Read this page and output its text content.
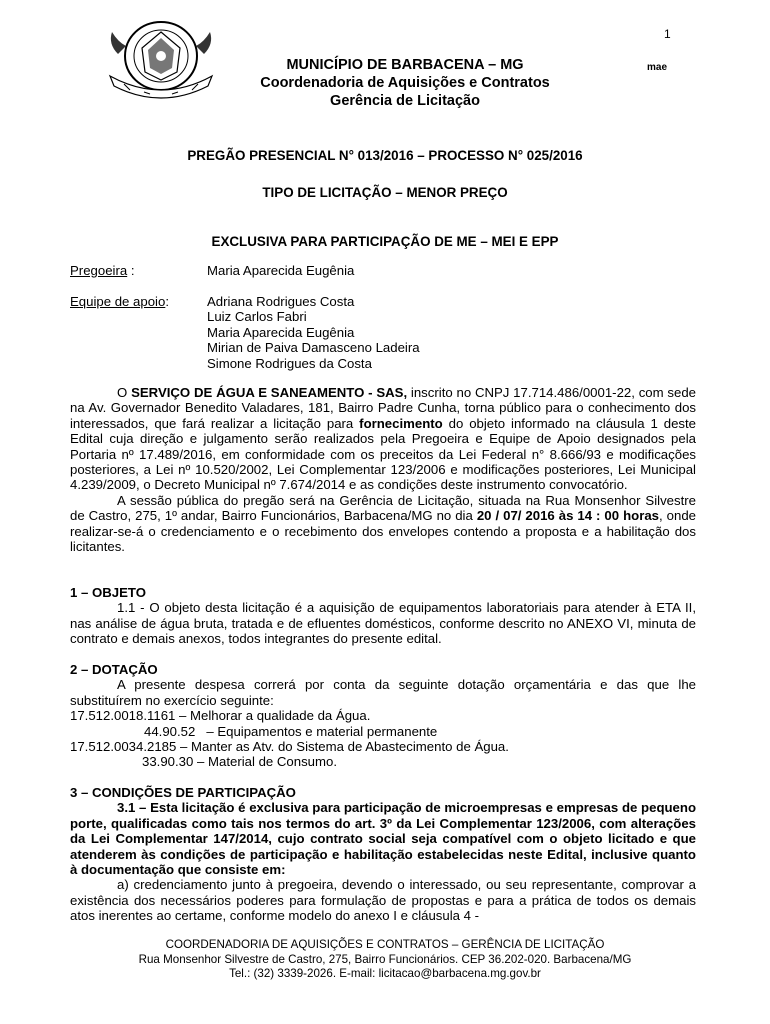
1
MUNICÍPIO DE BARBACENA – MG
Coordenadoria de Aquisições e Contratos
Gerência de Licitação
mae
PREGÃO PRESENCIAL N° 013/2016 – PROCESSO N° 025/2016
TIPO DE LICITAÇÃO – MENOR PREÇO
EXCLUSIVA PARA PARTICIPAÇÃO DE ME – MEI E EPP
Pregoeira :	Maria Aparecida Eugênia
Equipe de apoio:	Adriana Rodrigues Costa
Luiz Carlos Fabri
Maria Aparecida Eugênia
Mirian de Paiva Damasceno Ladeira
Simone Rodrigues da Costa

O SERVIÇO DE ÁGUA E SANEAMENTO - SAS, inscrito no CNPJ 17.714.486/0001-22, com sede na Av. Governador Benedito Valadares, 181, Bairro Padre Cunha, torna público para o conhecimento dos interessados, que fará realizar a licitação para fornecimento do objeto informado na cláusula 1 deste Edital cuja direção e julgamento serão realizados pela Pregoeira e Equipe de Apoio designados pela Portaria nº 17.489/2016, em conformidade com os preceitos da Lei Federal n° 8.666/93 e modificações posteriores, a Lei nº 10.520/2002, Lei Complementar 123/2006 e modificações posteriores, Lei Municipal 4.239/2009, o Decreto Municipal nº 7.674/2014 e as condições deste instrumento convocatório.

A sessão pública do pregão será na Gerência de Licitação, situada na Rua Monsenhor Silvestre de Castro, 275, 1º andar, Bairro Funcionários, Barbacena/MG no dia 20 / 07/ 2016 às 14 : 00 horas, onde realizar-se-á o credenciamento e o recebimento dos envelopes contendo a proposta e a habilitação dos licitantes.

1 – OBJETO

1.1 - O objeto desta licitação é a aquisição de equipamentos laboratoriais para atender à ETA II, nas análise de água bruta, tratada e de efluentes domésticos, conforme descrito no ANEXO VI, minuta de contrato e demais anexos, todos integrantes do presente edital.

2 – DOTAÇÃO

A presente despesa correrá por conta da seguinte dotação orçamentária e das que lhe substituírem no exercício seguinte:

17.512.0018.1161 – Melhorar a qualidade da Água.

44.90.52   – Equipamentos e material permanente

17.512.0034.2185 – Manter as Atv. do Sistema de Abastecimento de Água.

33.90.30 – Material de Consumo.

3 – CONDIÇÕES DE PARTICIPAÇÃO

3.1 – Esta licitação é exclusiva para participação de microempresas e empresas de pequeno porte, qualificadas como tais nos termos do art. 3º da Lei Complementar 123/2006, com alterações da Lei Complementar 147/2014, cujo contrato social seja compatível com o objeto licitado e que atenderem às condições de participação e habilitação estabelecidas neste Edital, inclusive quanto à documentação que consiste em:

a) credenciamento junto à pregoeira, devendo o interessado, ou seu representante, comprovar a existência dos necessários poderes para formulação de propostas e para a prática de todos os demais atos inerentes ao certame, conforme modelo do anexo I e cláusula 4 -

COORDENADORIA DE AQUISIÇÕES E CONTRATOS – GERÊNCIA DE LICITAÇÃO
Rua Monsenhor Silvestre de Castro, 275, Bairro Funcionários. CEP 36.202-020. Barbacena/MG
Tel.: (32) 3339-2026. E-mail: licitacao@barbacena.mg.gov.br
